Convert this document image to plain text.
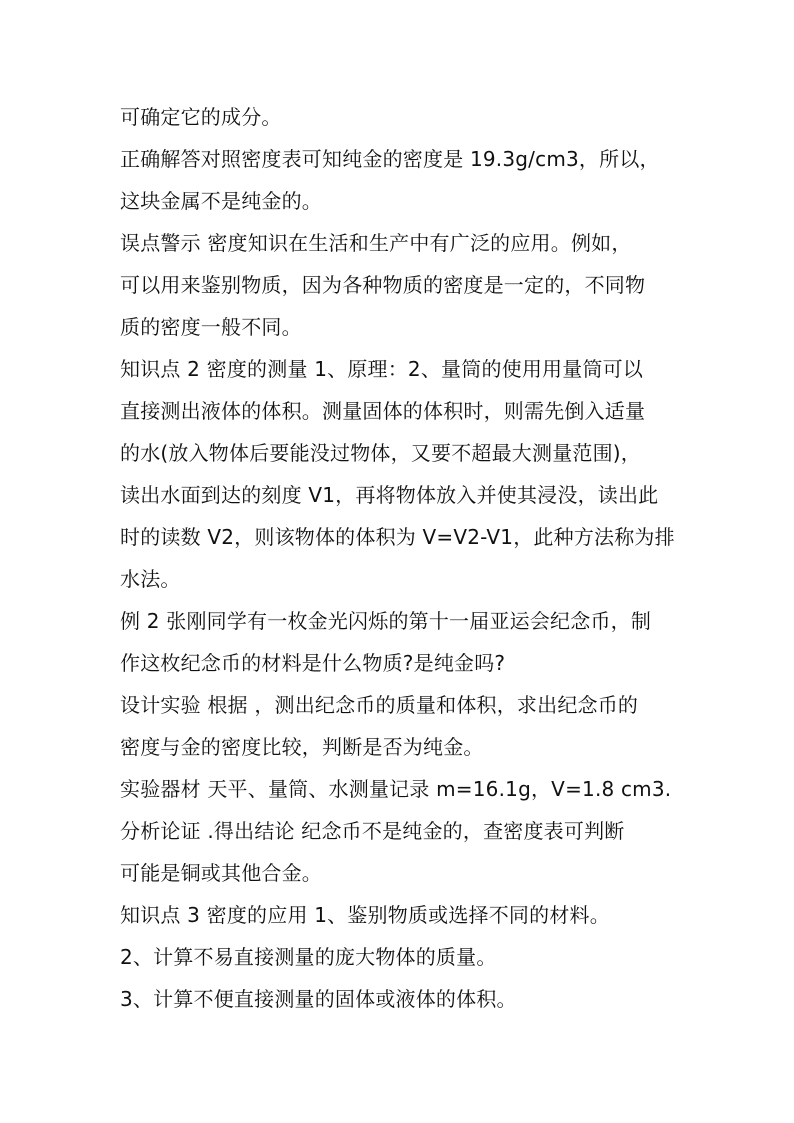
可确定它的成分。
正确解答对照密度表可知纯金的密度是 19.3g/cm3，所以，
这块金属不是纯金的。
误点警示 密度知识在生活和生产中有广泛的应用。例如，
可以用来鉴别物质，因为各种物质的密度是一定的，不同物
质的密度一般不同。
知识点 2 密度的测量 1、原理：2、量筒的使用用量筒可以
直接测出液体的体积。测量固体的体积时，则需先倒入适量
的水(放入物体后要能没过物体，又要不超最大测量范围)，
读出水面到达的刻度 V1，再将物体放入并使其浸没，读出此
时的读数 V2，则该物体的体积为 V=V2-V1，此种方法称为排
水法。
例 2 张刚同学有一枚金光闪烁的第十一届亚运会纪念币，制
作这枚纪念币的材料是什么物质?是纯金吗?
设计实验 根据 ，测出纪念币的质量和体积，求出纪念币的
密度与金的密度比较，判断是否为纯金。
实验器材 天平、量筒、水测量记录 m=16.1g，V=1.8 cm3.
分析论证 .得出结论 纪念币不是纯金的，查密度表可判断
可能是铜或其他合金。
知识点 3 密度的应用 1、鉴别物质或选择不同的材料。
2、计算不易直接测量的庞大物体的质量。
3、计算不便直接测量的固体或液体的体积。
